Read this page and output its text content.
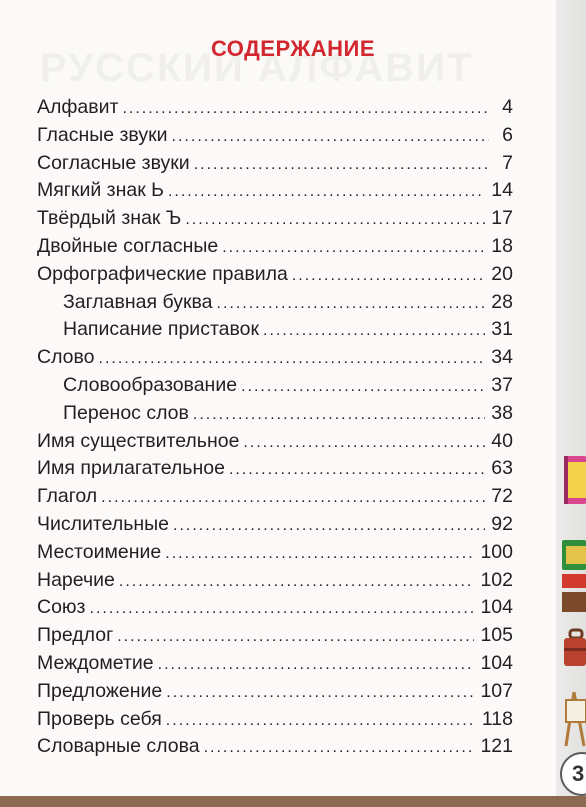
СОДЕРЖАНИЕ
Алфавит .....	4
Гласные звуки .....	6
Согласные звуки .....	7
Мягкий знак Ь .....	14
Твёрдый знак Ъ .....	17
Двойные согласные .....	18
Орфографические правила .....	20
Заглавная буква .....	28
Написание приставок .....	31
Слово .....	34
Словообразование .....	37
Перенос слов .....	38
Имя существительное .....	40
Имя прилагательное .....	63
Глагол .....	72
Числительные .....	92
Местоимение .....	100
Наречие .....	102
Союз .....	104
Предлог .....	105
Междометие .....	104
Предложение .....	107
Проверь себя .....	118
Словарные слова .....	121
3
